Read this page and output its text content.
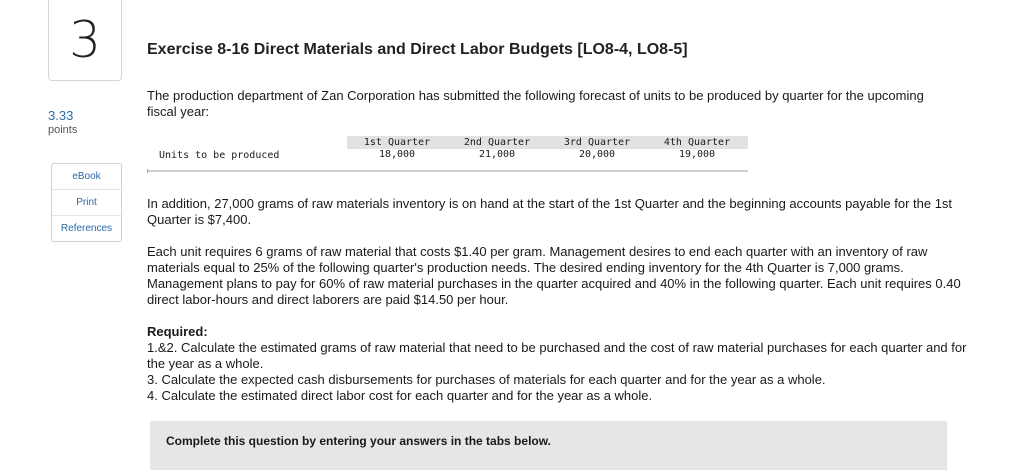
3
3.33
points
eBook
Print
References
Exercise 8-16 Direct Materials and Direct Labor Budgets [LO8-4, LO8-5]
The production department of Zan Corporation has submitted the following forecast of units to be produced by quarter for the upcoming fiscal year:
Units to be produced
1st Quarter
18,000
2nd Quarter
21,000
3rd Quarter
20,000
4th Quarter
19,000
In addition, 27,000 grams of raw materials inventory is on hand at the start of the 1st Quarter and the beginning accounts payable for the 1st Quarter is $7,400.
Each unit requires 6 grams of raw material that costs $1.40 per gram. Management desires to end each quarter with an inventory of raw materials equal to 25% of the following quarter's production needs. The desired ending inventory for the 4th Quarter is 7,000 grams. Management plans to pay for 60% of raw material purchases in the quarter acquired and 40% in the following quarter. Each unit requires 0.40 direct labor-hours and direct laborers are paid $14.50 per hour.
Required:
1.&2. Calculate the estimated grams of raw material that need to be purchased and the cost of raw material purchases for each quarter and for the year as a whole.
3. Calculate the expected cash disbursements for purchases of materials for each quarter and for the year as a whole.
4. Calculate the estimated direct labor cost for each quarter and for the year as a whole.
Complete this question by entering your answers in the tabs below.
